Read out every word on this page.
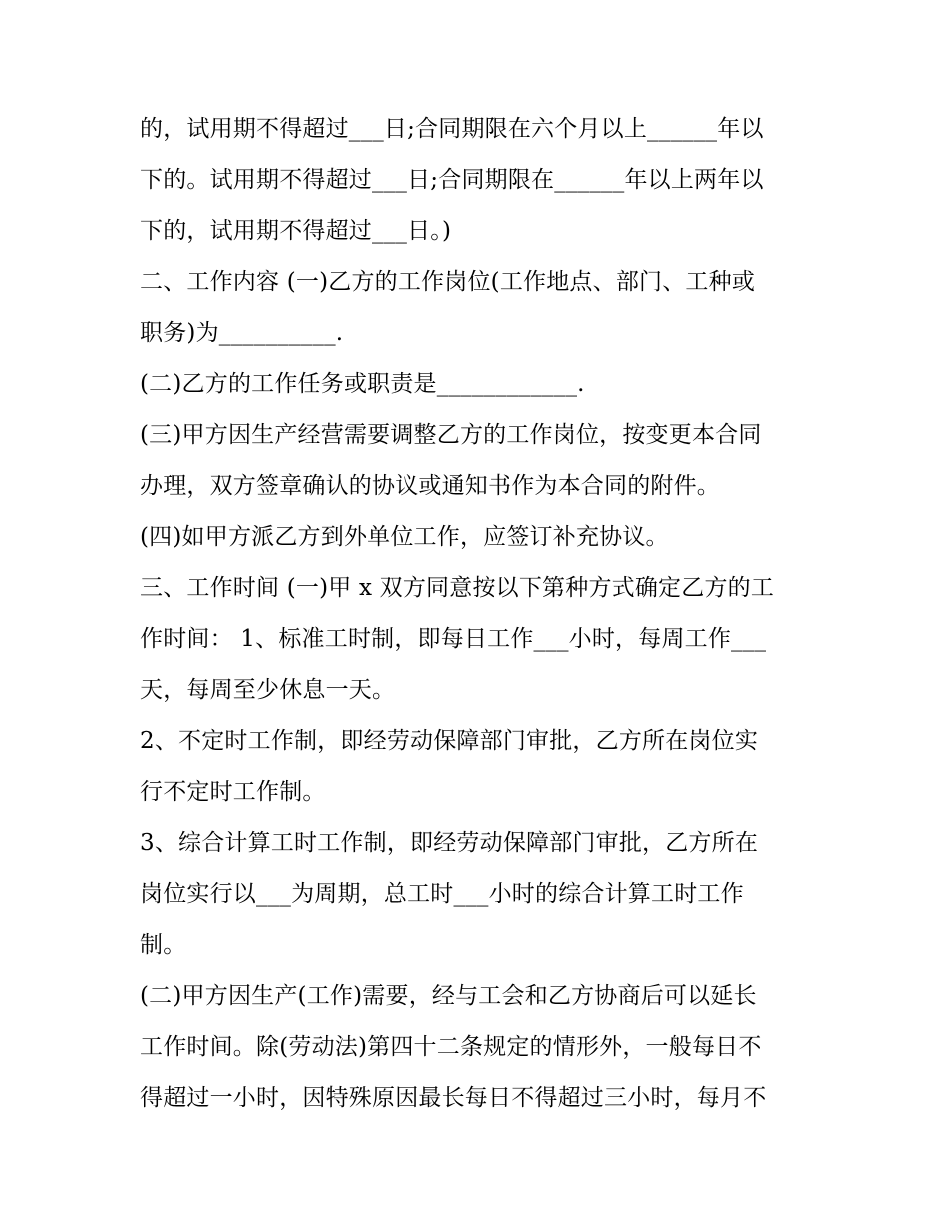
的，试用期不得超过___日;合同期限在六个月以上______年以
下的。试用期不得超过___日;合同期限在______年以上两年以
下的，试用期不得超过___日。)
二、工作内容 (一)乙方的工作岗位(工作地点、部门、工种或
职务)为__________.
(二)乙方的工作任务或职责是____________.
(三)甲方因生产经营需要调整乙方的工作岗位，按变更本合同
办理，双方签章确认的协议或通知书作为本合同的附件。
(四)如甲方派乙方到外单位工作，应签订补充协议。
三、工作时间 (一)甲 x 双方同意按以下第种方式确定乙方的工
作时间： 1、标准工时制，即每日工作___小时，每周工作___
天，每周至少休息一天。
2、不定时工作制，即经劳动保障部门审批，乙方所在岗位实
行不定时工作制。
3、综合计算工时工作制，即经劳动保障部门审批，乙方所在
岗位实行以___为周期，总工时___小时的综合计算工时工作
制。
(二)甲方因生产(工作)需要，经与工会和乙方协商后可以延长
工作时间。除(劳动法)第四十二条规定的情形外，一般每日不
得超过一小时，因特殊原因最长每日不得超过三小时，每月不
